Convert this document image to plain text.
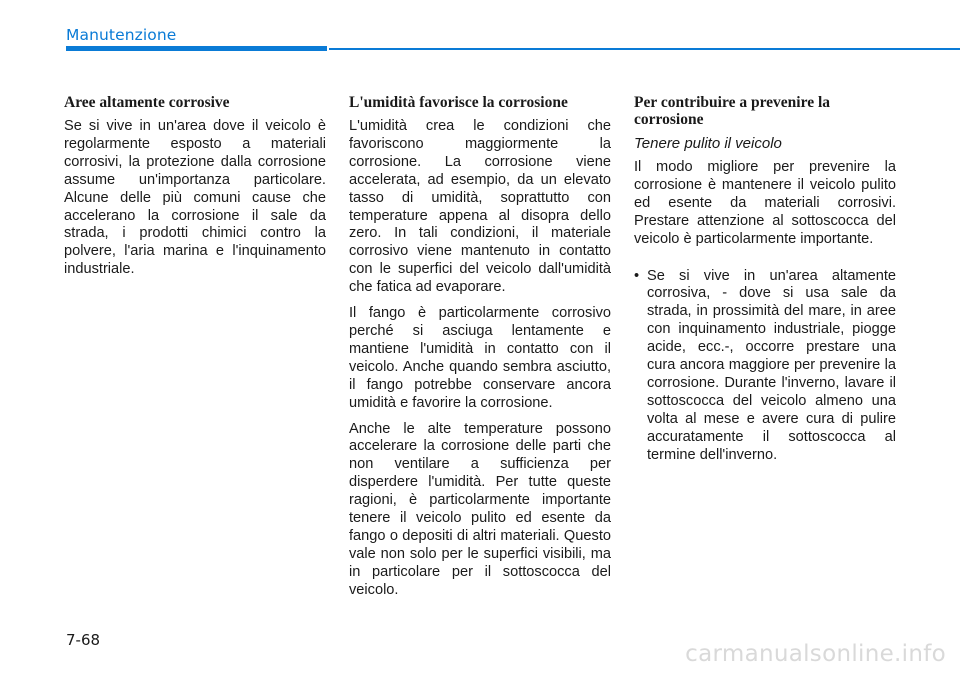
Manutenzione
Aree altamente corrosive

Se si vive in un'area dove il veicolo è regolarmente esposto a materiali corrosivi, la protezione dalla corrosione assume un'importanza particolare. Alcune delle più comuni cause che accelerano la corrosione il sale da strada, i prodotti chimici contro la polvere, l'aria marina e l'inquinamento industriale.

L'umidità favorisce la corrosione

L'umidità crea le condizioni che favoriscono maggiormente la corrosione. La corrosione viene accelerata, ad esempio, da un elevato tasso di umidità, soprattutto con temperature appena al disopra dello zero. In tali condizioni, il materiale corrosivo viene mantenuto in contatto con le superfici del veicolo dall'umidità che fatica ad evaporare.

Il fango è particolarmente corrosivo perché si asciuga lentamente e mantiene l'umidità in contatto con il veicolo. Anche quando sembra asciutto, il fango potrebbe conservare ancora umidità e favorire la corrosione.

Anche le alte temperature possono accelerare la corrosione delle parti che non ventilare a sufficienza per disperdere l'umidità. Per tutte queste ragioni, è particolarmente importante tenere il veicolo pulito ed esente da fango o depositi di altri materiali. Questo vale non solo per le superfici visibili, ma in particolare per il sottoscocca del veicolo.

Per contribuire a prevenire la corrosione
Tenere pulito il veicolo

Il modo migliore per prevenire la corrosione è mantenere il veicolo pulito ed esente da materiali corrosivi. Prestare attenzione al sottoscocca del veicolo è particolarmente importante.

• Se si vive in un'area altamente corrosiva, - dove si usa sale da strada, in prossimità del mare, in aree con inquinamento industriale, piogge acide, ecc.-, occorre prestare una cura ancora maggiore per prevenire la corrosione. Durante l'inverno, lavare il sottoscocca del veicolo almeno una volta al mese e avere cura di pulire accuratamente il sottoscocca al termine dell'inverno.
7-68
carmanualsonline.info
